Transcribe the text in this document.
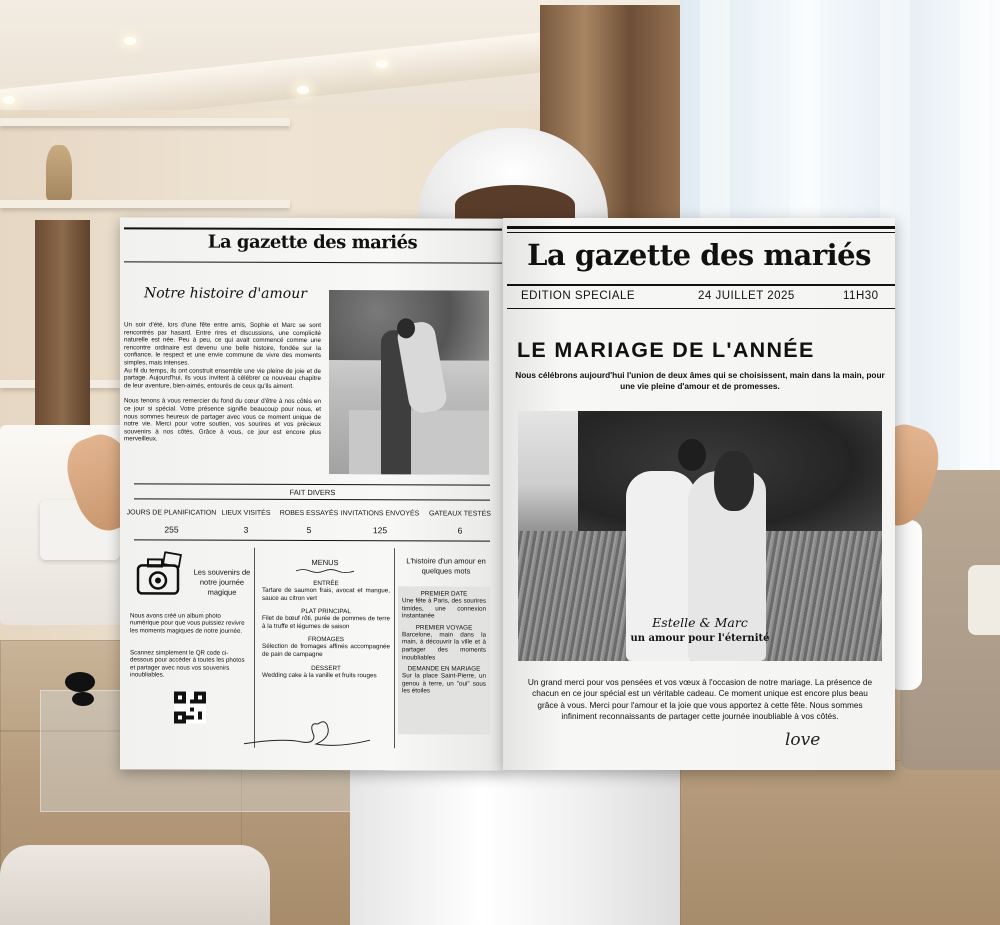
La gazette des mariés
Notre histoire d'amour
Un soir d'été, lors d'une fête entre amis, Sophie et Marc se sont rencontrés par hasard. Entre rires et discussions, une complicité naturelle est née. Peu à peu, ce qui avait commencé comme une rencontre ordinaire est devenu une belle histoire, fondée sur la confiance, le respect et une envie commune de vivre des moments simples, mais intenses.
Au fil du temps, ils ont construit ensemble une vie pleine de joie et de partage. Aujourd'hui, ils vous invitent à célébrer ce nouveau chapitre de leur aventure, bien-aimés, entourés de ceux qu'ils aiment.
Nous tenons à vous remercier du fond du cœur d'être à nos côtés en ce jour si spécial. Votre présence signifie beaucoup pour nous, et nous sommes heureux de partager avec vous ce moment unique de notre vie. Merci pour votre soutien, vos sourires et vos précieux souvenirs à nos côtés. Grâce à vous, ce jour est encore plus merveilleux.
FAIT DIVERS
JOURS DE PLANIFICATION
255
LIEUX VISITÉS
3
ROBES ESSAYÉS
5
INVITATIONS ENVOYÉS
125
GATEAUX TESTÉS
6
Les souvenirs de notre journée magique
Nous avons créé un album photo numérique pour que vous puissiez revivre les moments magiques de notre journée.
Scannez simplement le QR code ci-dessous pour accéder à toutes les photos et partager avec nous vos souvenirs inoubliables.
MENUS
ENTRÉE
Tartare de saumon frais, avocat et mangue, sauce au citron vert
PLAT PRINCIPAL
Filet de bœuf rôti, purée de pommes de terre à la truffe et légumes de saison
FROMAGES
Sélection de fromages affinés accompagnée de pain de campagne
DESSERT
Wedding cake à la vanille et fruits rouges
L'histoire d'un amour en quelques mots
PREMIER DATE
Une fête à Paris, des sourires timides, une connexion instantanée
PREMIER VOYAGE
Barcelone, main dans la main, à découvrir la ville et à partager des moments inoubliables
DEMANDE EN MARIAGE
Sur la place Saint-Pierre, un genou à terre, un "oui" sous les étoiles
La gazette des mariés
EDITION SPECIALE	24 JUILLET 2025	11H30
LE MARIAGE DE L'ANNÉE
Nous célébrons aujourd'hui l'union de deux âmes qui se choisissent, main dans la main, pour une vie pleine d'amour et de promesses.
Estelle & Marc
un amour pour l'éternité
Un grand merci pour vos pensées et vos vœux à l'occasion de notre mariage. La présence de chacun en ce jour spécial est un véritable cadeau. Ce moment unique est encore plus beau grâce à vous. Merci pour l'amour et la joie que vous apportez à cette fête. Nous sommes infiniment reconnaissants de partager cette journée inoubliable à vos côtés.
love
